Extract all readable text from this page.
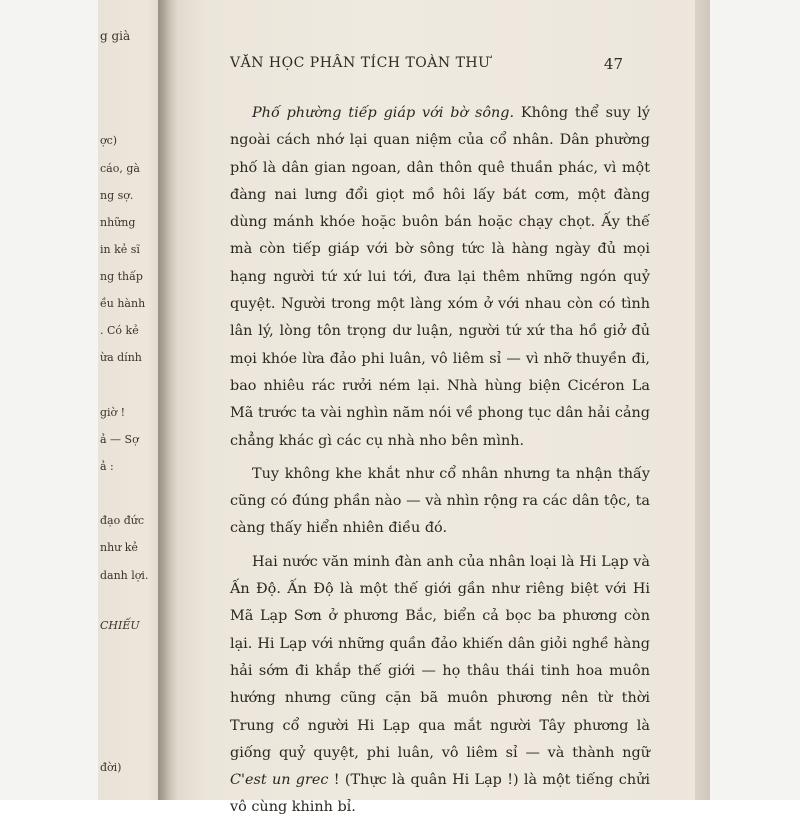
g già
ợc)
cáo, gà
ng sợ.
những
in kẻ sĩ
ng thấp
ều hành
. Có kẻ
ừa dính
giờ !
ả — Sợ
ả :
đạo đức
như kẻ
danh lợi.
CHIẾU
đời)
VĂN HỌC PHÂN TÍCH TOÀN THƯ	47

Phố phường tiếp giáp với bờ sông. Không thể suy lý ngoài cách nhớ lại quan niệm của cổ nhân. Dân phường phố là dân gian ngoan, dân thôn quê thuần phác, vì một đàng nai lưng đổi giọt mồ hôi lấy bát cơm, một đàng dùng mánh khóe hoặc buôn bán hoặc chạy chọt. Ấy thế mà còn tiếp giáp với bờ sông tức là hàng ngày đủ mọi hạng người tứ xứ lui tới, đưa lại thêm những ngón quỷ quyệt. Người trong một làng xóm ở với nhau còn có tình lân lý, lòng tôn trọng dư luận, người tứ xứ tha hồ giở đủ mọi khóe lừa đảo phi luân, vô liêm sỉ — vì nhỡ thuyền đi, bao nhiêu rác rưởi ném lại. Nhà hùng biện Cicéron La Mã trước ta vài nghìn năm nói về phong tục dân hải cảng chẳng khác gì các cụ nhà nho bên mình.

Tuy không khe khắt như cổ nhân nhưng ta nhận thấy cũng có đúng phần nào — và nhìn rộng ra các dân tộc, ta càng thấy hiển nhiên điều đó.

Hai nước văn minh đàn anh của nhân loại là Hi Lạp và Ấn Độ. Ấn Độ là một thế giới gần như riêng biệt với Hi Mã Lạp Sơn ở phương Bắc, biển cả bọc ba phương còn lại. Hi Lạp với những quần đảo khiến dân giỏi nghề hàng hải sớm đi khắp thế giới — họ thâu thái tinh hoa muôn hướng nhưng cũng cặn bã muôn phương nên từ thời Trung cổ người Hi Lạp qua mắt người Tây phương là giống quỷ quyệt, phi luân, vô liêm sỉ — và thành ngữ C'est un grec ! (Thực là quân Hi Lạp !) là một tiếng chửi vô cùng khinh bỉ.
